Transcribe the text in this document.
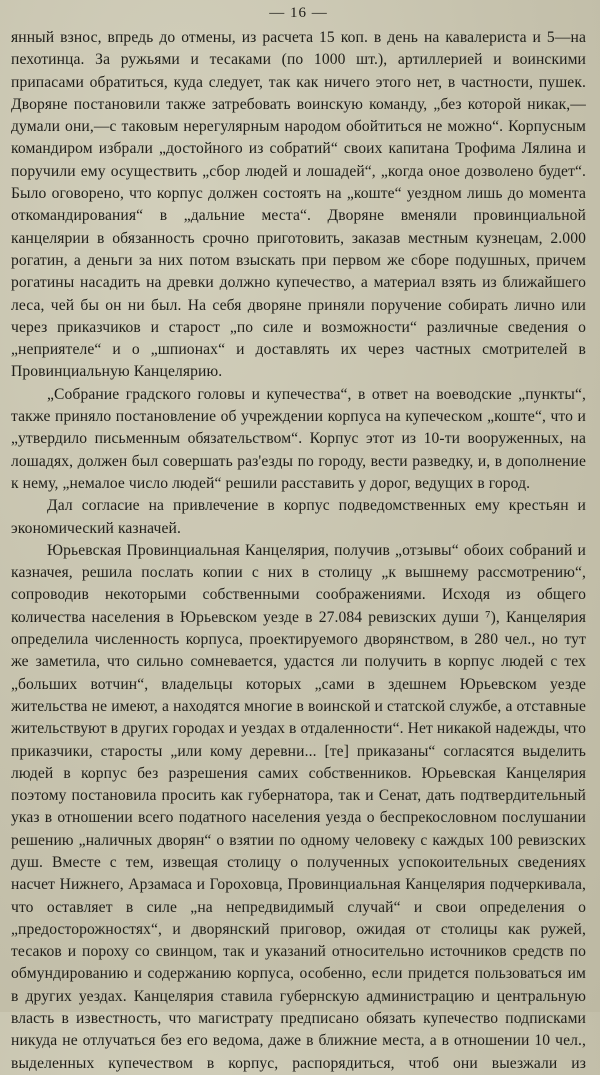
— 16 —

янный взнос, впредь до отмены, из расчета 15 коп. в день на кавалериста и 5—на пехотинца. За ружьями и тесаками (по 1000 шт.), артиллерией и воинскими припасами обратиться, куда следует, так как ничего этого нет, в частности, пушек. Дворяне постановили также затребовать воинскую команду, „без которой никак,—думали они,—с таковым нерегулярным народом обойтиться не можно“. Корпусным командиром избрали „достойного из собратий“ своих капитана Трофима Лялина и поручили ему осуществить „сбор людей и лошадей“, „когда оное дозволено будет“. Было оговорено, что корпус должен состоять на „коште“ уездном лишь до момента откомандирования“ в „дальние места“. Дворяне вменяли провинциальной канцелярии в обязанность срочно приготовить, заказав местным кузнецам, 2.000 рогатин, а деньги за них потом взыскать при первом же сборе подушных, причем рогатины насадить на древки должно купечество, а материал взять из ближайшего леса, чей бы он ни был. На себя дворяне приняли поручение собирать лично или через приказчиков и старост „по силе и возможности“ различные сведения о „неприятеле“ и о „шпионах“ и доставлять их через частных смотрителей в Провинциальную Канцелярию.

„Собрание градского головы и купечества“, в ответ на воеводские „пункты“, также приняло постановление об учреждении корпуса на купеческом „коште“, что и „утвердило письменным обязательством“. Корпус этот из 10-ти вооруженных, на лошадях, должен был совершать раз'езды по городу, вести разведку, и, в дополнение к нему, „немалое число людей“ решили расставить у дорог, ведущих в город.

Дал согласие на привлечение в корпус подведомственных ему крестьян и экономический казначей.

Юрьевская Провинциальная Канцелярия, получив „отзывы“ обоих собраний и казначея, решила послать копии с них в столицу „к вышнему рассмотрению“, сопроводив некоторыми собственными соображениями. Исходя из общего количества населения в Юрьевском уезде в 27.084 ревизских души ⁷), Канцелярия определила численность корпуса, проектируемого дворянством, в 280 чел., но тут же заметила, что сильно сомневается, удастся ли получить в корпус людей с тех „больших вотчин“, владельцы которых „сами в здешнем Юрьевском уезде жительства не имеют, а находятся многие в воинской и статской службе, а отставные жительствуют в других городах и уездах в отдаленности“. Нет никакой надежды, что приказчики, старосты „или кому деревни... [те] приказаны“ согласятся выделить людей в корпус без разрешения самих собственников. Юрьевская Канцелярия поэтому постановила просить как губернатора, так и Сенат, дать подтвердительный указ в отношении всего податного населения уезда о беспрекословном послушании решению „наличных дворян“ о взятии по одному человеку с каждых 100 ревизских душ. Вместе с тем, извещая столицу о полученных успокоительных сведениях насчет Нижнего, Арзамаса и Гороховца, Провинциальная Канцелярия подчеркивала, что оставляет в силе „на непредвидимый случай“ и свои определения о „предосторожностях“, и дворянский приговор, ожидая от столицы как ружей, тесаков и пороху со свинцом, так и указаний относительно источников средств по обмундированию и содержанию корпуса, особенно, если придется пользоваться им в других уездах. Канцелярия ставила губернскую администрацию и центральную власть в известность, что магистрату предписано обязать купечество подписками никуда не отлучаться без его ведома, даже в ближние места, а в отношении 10 чел., выделенных купечеством в корпус, распорядиться, чтоб они выезжали из
